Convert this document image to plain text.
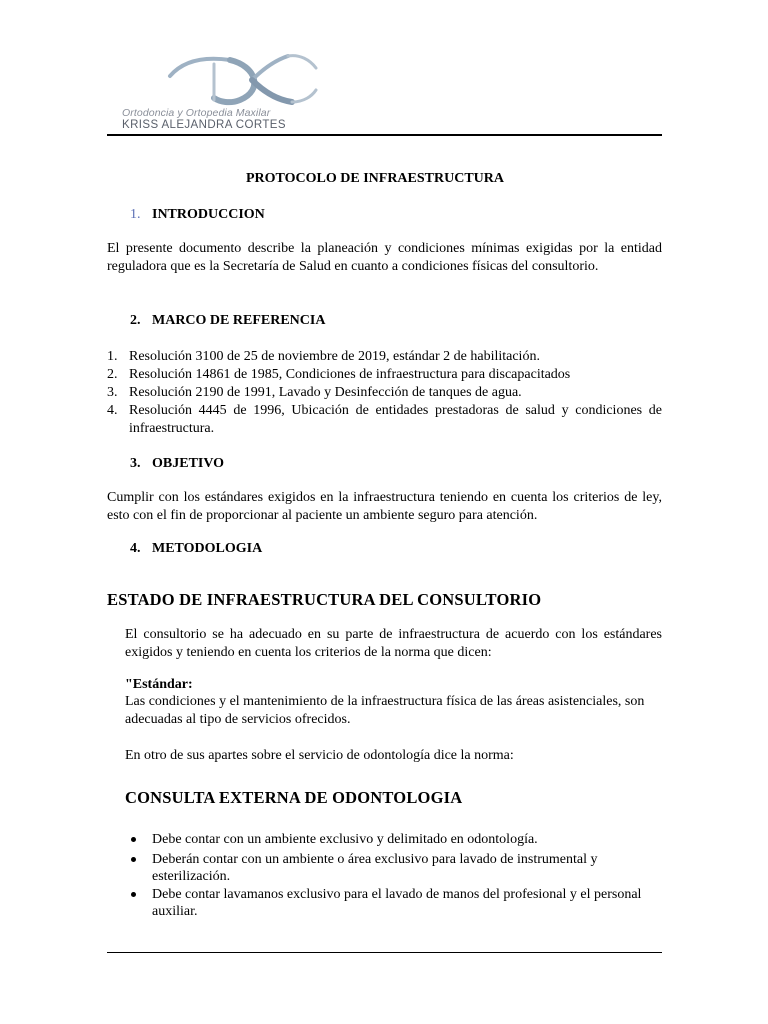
Ortodoncia y Ortopedia Maxilar
KRISS ALEJANDRA CORTES
PROTOCOLO DE INFRAESTRUCTURA
1. INTRODUCCION
El presente documento describe la planeación y condiciones mínimas exigidas por la entidad reguladora que es la Secretaría de Salud en cuanto a condiciones físicas del consultorio.
2. MARCO DE REFERENCIA
1. Resolución 3100 de 25 de noviembre de 2019, estándar 2 de habilitación.
2. Resolución 14861 de 1985, Condiciones de infraestructura para discapacitados
3. Resolución 2190 de 1991, Lavado y Desinfección de tanques de agua.
4. Resolución 4445 de 1996, Ubicación de entidades prestadoras de salud y condiciones de infraestructura.
3. OBJETIVO
Cumplir con los estándares exigidos en la infraestructura teniendo en cuenta los criterios de ley, esto con el fin de proporcionar al paciente un ambiente seguro para atención.
4. METODOLOGIA
ESTADO DE INFRAESTRUCTURA DEL CONSULTORIO
El consultorio se ha adecuado en su parte de infraestructura de acuerdo con los estándares exigidos y teniendo en cuenta los criterios de la norma que dicen:
"Estándar:
Las condiciones y el mantenimiento de la infraestructura física de las áreas asistenciales, son
adecuadas al tipo de servicios ofrecidos.
En otro de sus apartes sobre el servicio de odontología dice la norma:
CONSULTA EXTERNA DE ODONTOLOGIA
Debe contar con un ambiente exclusivo y delimitado en odontología.
Deberán contar con un ambiente o área exclusivo para lavado de instrumental y
esterilización.
Debe contar lavamanos exclusivo para el lavado de manos del profesional y el personal
auxiliar.
